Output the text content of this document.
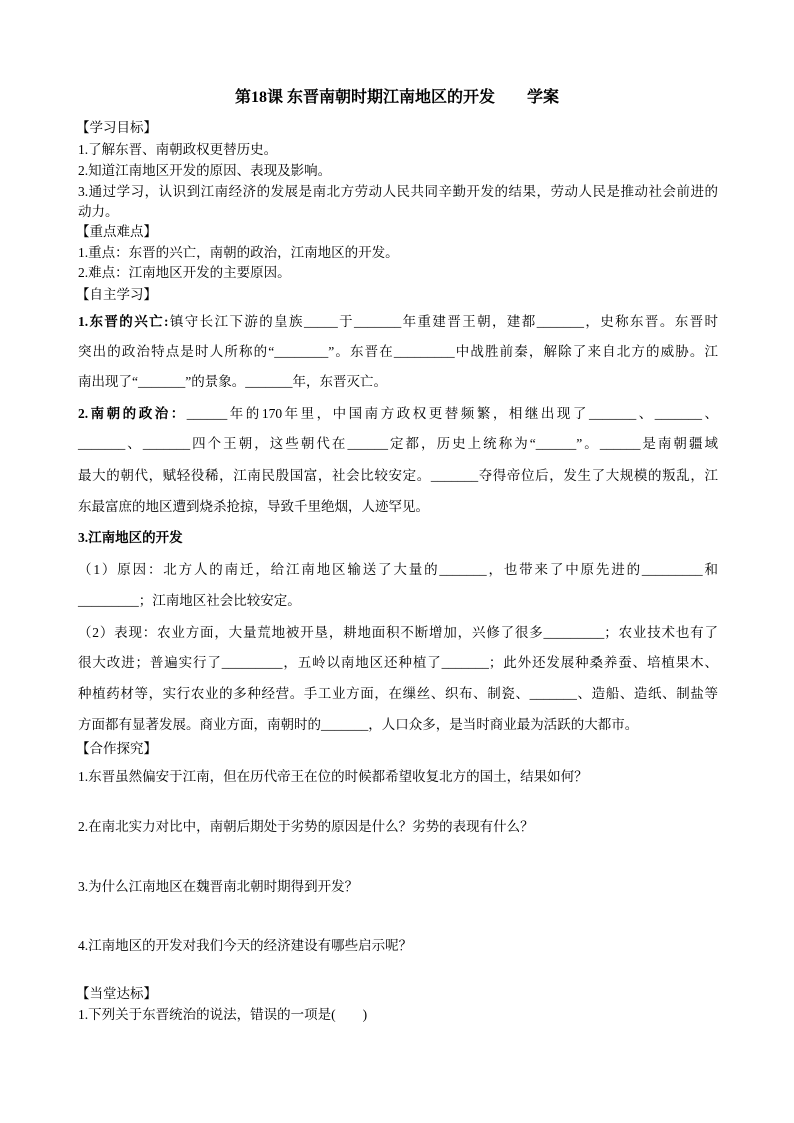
第18课 东晋南朝时期江南地区的开发　　学案
【学习目标】
1.了解东晋、南朝政权更替历史。
2.知道江南地区开发的原因、表现及影响。
3.通过学习，认识到江南经济的发展是南北方劳动人民共同辛勤开发的结果，劳动人民是推动社会前进的
动力。
【重点难点】
1.重点：东晋的兴亡，南朝的政治，江南地区的开发。
2.难点：江南地区开发的主要原因。
【自主学习】
1.东晋的兴亡:镇守长江下游的皇族_____于_______年重建晋王朝，建都_______，史称东晋。东晋时
突出的政治特点是时人所称的“________”。东晋在_________中战胜前秦，解除了来自北方的威胁。江
南出现了“_______”的景象。_______年，东晋灭亡。
2.南朝的政治：______年的170年里，中国南方政权更替频繁，相继出现了_______、_______、
_______、_______四个王朝，这些朝代在______定都，历史上统称为“______”。______是南朝疆域
最大的朝代，赋轻役稀，江南民殷国富，社会比较安定。_______夺得帝位后，发生了大规模的叛乱，江
东最富庶的地区遭到烧杀抢掠，导致千里绝烟，人迹罕见。
3.江南地区的开发
（1）原因：北方人的南迁，给江南地区输送了大量的_______，也带来了中原先进的_________和
_________；江南地区社会比较安定。
（2）表现：农业方面，大量荒地被开垦，耕地面积不断增加，兴修了很多_________；农业技术也有了
很大改进；普遍实行了_________，五岭以南地区还种植了_______；此外还发展种桑养蚕、培植果木、
种植药材等，实行农业的多种经营。手工业方面，在缫丝、织布、制瓷、_______、造船、造纸、制盐等
方面都有显著发展。商业方面，南朝时的_______，人口众多，是当时商业最为活跃的大都市。
【合作探究】
1.东晋虽然偏安于江南，但在历代帝王在位的时候都希望收复北方的国土，结果如何？
2.在南北实力对比中，南朝后期处于劣势的原因是什么？劣势的表现有什么？
3.为什么江南地区在魏晋南北朝时期得到开发？
4.江南地区的开发对我们今天的经济建设有哪些启示呢？
【当堂达标】
1.下列关于东晋统治的说法，错误的一项是(　　)
